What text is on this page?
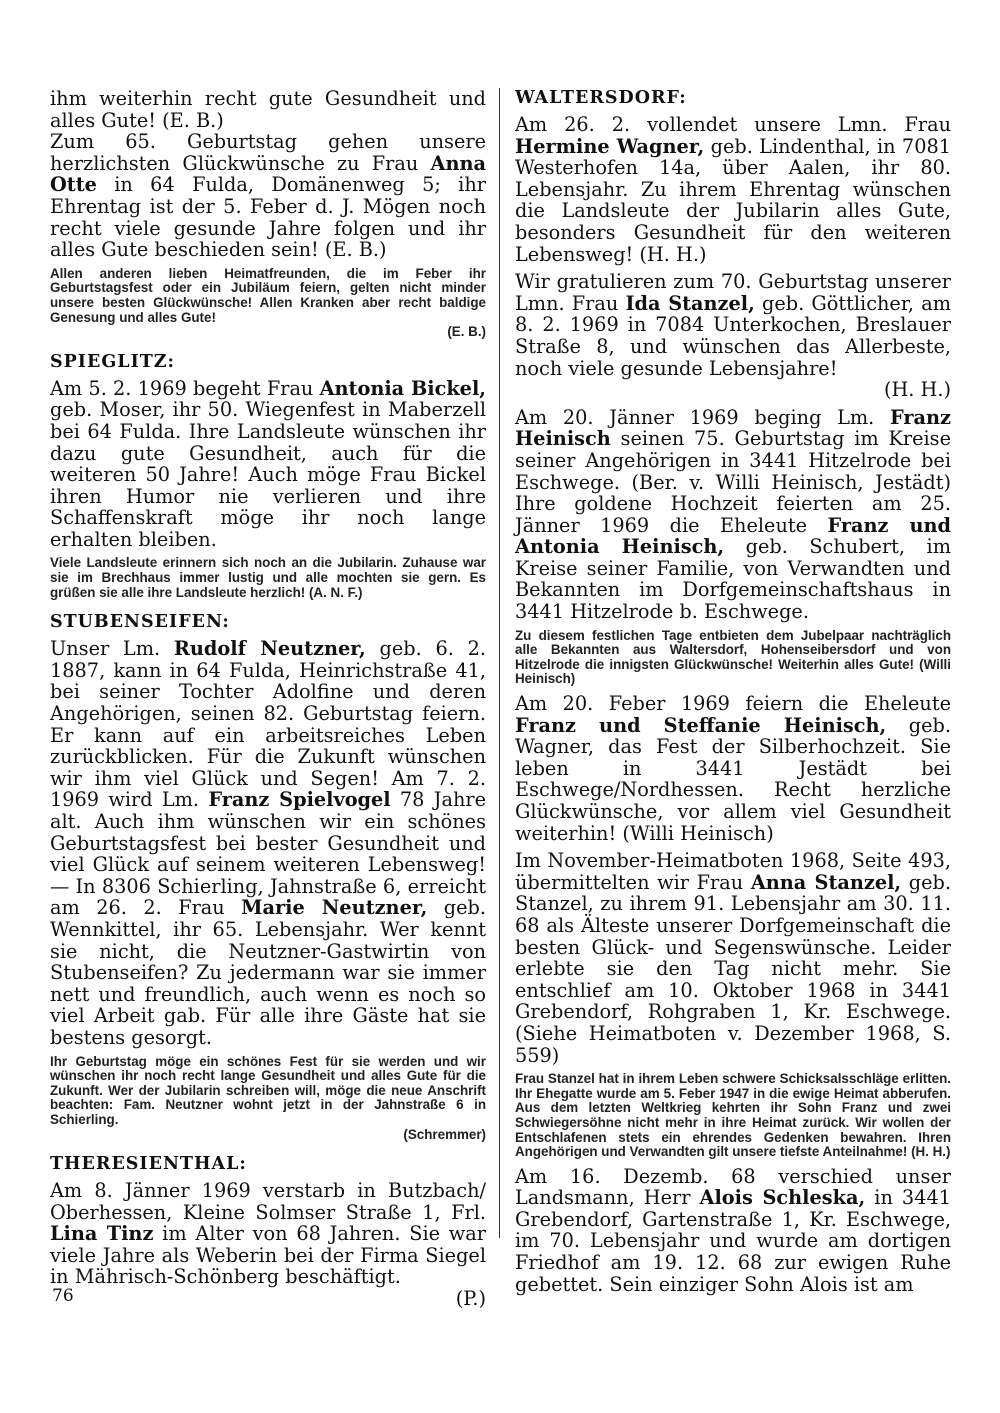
ihm weiterhin recht gute Gesundheit und alles Gute! (E. B.)

Zum 65. Geburtstag gehen unsere herzlichsten Glückwünsche zu Frau Anna Otte in 64 Fulda, Domänenweg 5; ihr Ehrentag ist der 5. Feber d. J. Mögen noch recht viele gesunde Jahre folgen und ihr alles Gute beschieden sein! (E. B.)

Allen anderen lieben Heimatfreunden, die im Feber ihr Geburtstagsfest oder ein Jubiläum feiern, gelten nicht minder unsere besten Glückwünsche! Allen Kranken aber recht baldige Genesung und alles Gute!
(E. B.)

SPIEGLITZ:

Am 5. 2. 1969 begeht Frau Antonia Bickel, geb. Moser, ihr 50. Wiegenfest in Maberzell bei 64 Fulda. Ihre Landsleute wünschen ihr dazu gute Gesundheit, auch für die weiteren 50 Jahre! Auch möge Frau Bickel ihren Humor nie verlieren und ihre Schaffenskraft möge ihr noch lange erhalten bleiben.

Viele Landsleute erinnern sich noch an die Jubilarin. Zuhause war sie im Brechhaus immer lustig und alle mochten sie gern. Es grüßen sie alle ihre Landsleute herzlich! (A. N. F.)

STUBENSEIFEN:

Unser Lm. Rudolf Neutzner, geb. 6. 2. 1887, kann in 64 Fulda, Heinrichstraße 41, bei seiner Tochter Adolfine und deren Angehörigen, seinen 82. Geburtstag feiern. Er kann auf ein arbeitsreiches Leben zurückblicken. Für die Zukunft wünschen wir ihm viel Glück und Segen! Am 7. 2. 1969 wird Lm. Franz Spielvogel 78 Jahre alt. Auch ihm wünschen wir ein schönes Geburtstagsfest bei bester Gesundheit und viel Glück auf seinem weiteren Lebensweg! — In 8306 Schierling, Jahnstraße 6, erreicht am 26. 2. Frau Marie Neutzner, geb. Wennkittel, ihr 65. Lebensjahr. Wer kennt sie nicht, die Neutzner-Gastwirtin von Stubenseifen? Zu jedermann war sie immer nett und freundlich, auch wenn es noch so viel Arbeit gab. Für alle ihre Gäste hat sie bestens gesorgt.

Ihr Geburtstag möge ein schönes Fest für sie werden und wir wünschen ihr noch recht lange Gesundheit und alles Gute für die Zukunft. Wer der Jubilarin schreiben will, möge die neue Anschrift beachten: Fam. Neutzner wohnt jetzt in der Jahnstraße 6 in Schierling.
(Schremmer)

THERESIENTHAL:

Am 8. Jänner 1969 verstarb in Butzbach/ Oberhessen, Kleine Solmser Straße 1, Frl. Lina Tinz im Alter von 68 Jahren. Sie war viele Jahre als Weberin bei der Firma Siegel in Mährisch-Schönberg beschäftigt.
(P.)

WALTERSDORF:

Am 26. 2. vollendet unsere Lmn. Frau Hermine Wagner, geb. Lindenthal, in 7081 Westerhofen 14a, über Aalen, ihr 80. Lebensjahr. Zu ihrem Ehrentag wünschen die Landsleute der Jubilarin alles Gute, besonders Gesundheit für den weiteren Lebensweg! (H. H.)

Wir gratulieren zum 70. Geburtstag unserer Lmn. Frau Ida Stanzel, geb. Göttlicher, am 8. 2. 1969 in 7084 Unterkochen, Breslauer Straße 8, und wünschen das Allerbeste, noch viele gesunde Lebensjahre!
(H. H.)

Am 20. Jänner 1969 beging Lm. Franz Heinisch seinen 75. Geburtstag im Kreise seiner Angehörigen in 3441 Hitzelrode bei Eschwege. (Ber. v. Willi Heinisch, Jestädt) Ihre goldene Hochzeit feierten am 25. Jänner 1969 die Eheleute Franz und Antonia Heinisch, geb. Schubert, im Kreise seiner Familie, von Verwandten und Bekannten im Dorfgemeinschaftshaus in 3441 Hitzelrode b. Eschwege.

Zu diesem festlichen Tage entbieten dem Jubelpaar nachträglich alle Bekannten aus Waltersdorf, Hohenseibersdorf und von Hitzelrode die innigsten Glückwünsche! Weiterhin alles Gute! (Willi Heinisch)

Am 20. Feber 1969 feiern die Eheleute Franz und Steffanie Heinisch, geb. Wagner, das Fest der Silberhochzeit. Sie leben in 3441 Jestädt bei Eschwege/Nordhessen. Recht herzliche Glückwünsche, vor allem viel Gesundheit weiterhin! (Willi Heinisch)

Im November-Heimatboten 1968, Seite 493, übermittelten wir Frau Anna Stanzel, geb. Stanzel, zu ihrem 91. Lebensjahr am 30. 11. 68 als Älteste unserer Dorfgemeinschaft die besten Glück- und Segenswünsche. Leider erlebte sie den Tag nicht mehr. Sie entschlief am 10. Oktober 1968 in 3441 Grebendorf, Rohgraben 1, Kr. Eschwege. (Siehe Heimatboten v. Dezember 1968, S. 559)

Frau Stanzel hat in ihrem Leben schwere Schicksalsschläge erlitten. Ihr Ehegatte wurde am 5. Feber 1947 in die ewige Heimat abberufen. Aus dem letzten Weltkrieg kehrten ihr Sohn Franz und zwei Schwiegersöhne nicht mehr in ihre Heimat zurück. Wir wollen der Entschlafenen stets ein ehrendes Gedenken bewahren. Ihren Angehörigen und Verwandten gilt unsere tiefste Anteilnahme! (H. H.)

Am 16. Dezemb. 68 verschied unser Landsmann, Herr Alois Schleska, in 3441 Grebendorf, Gartenstraße 1, Kr. Eschwege, im 70. Lebensjahr und wurde am dortigen Friedhof am 19. 12. 68 zur ewigen Ruhe gebettet. Sein einziger Sohn Alois ist am

76
